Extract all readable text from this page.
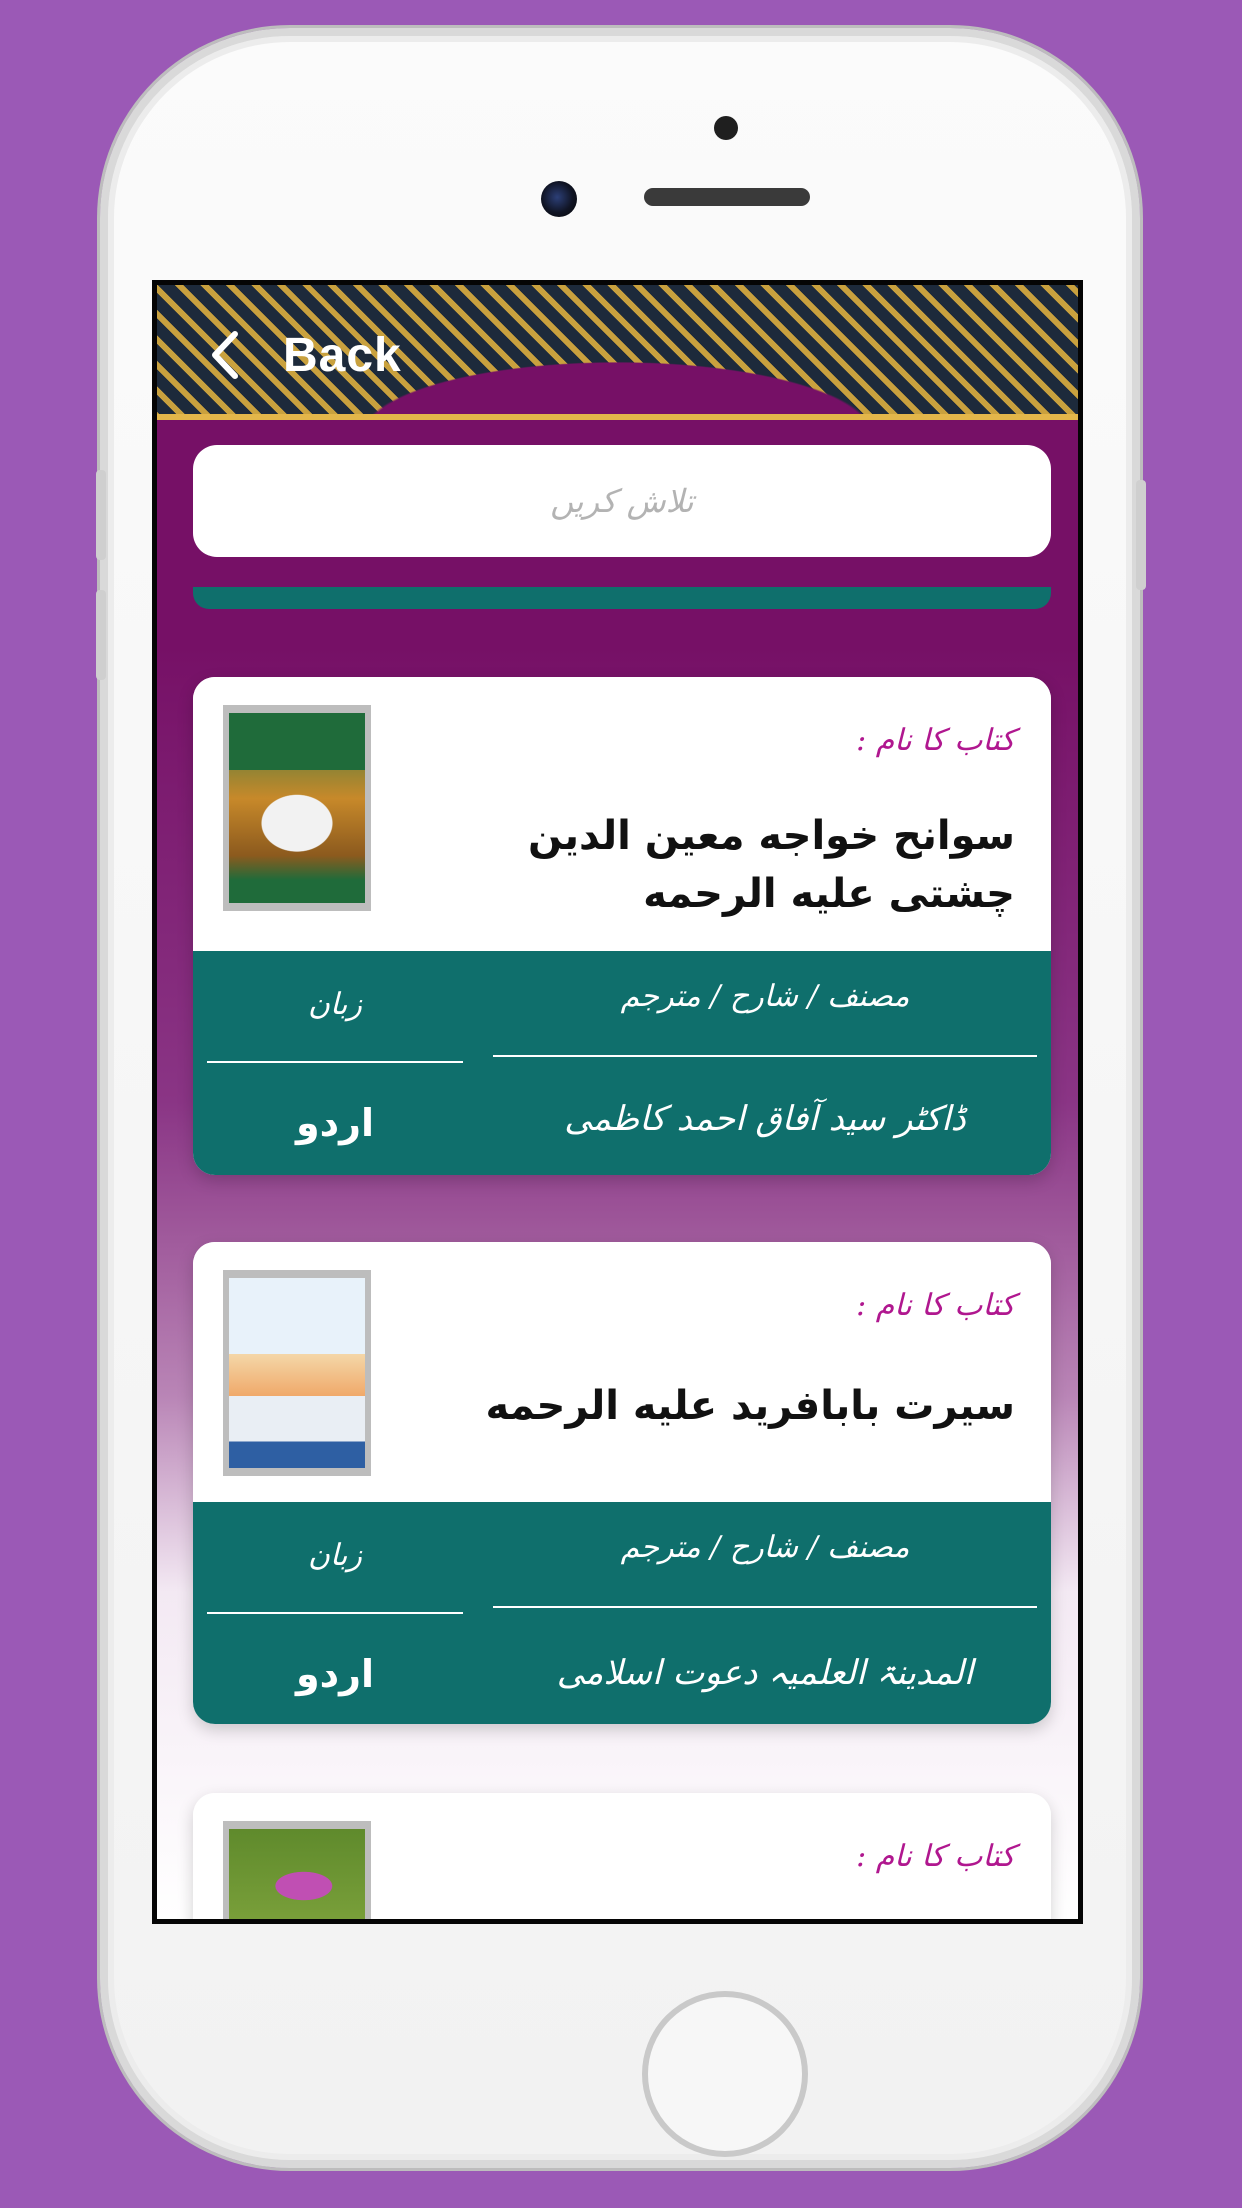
Back
تلاش کریں
کتاب کا نام :
سوانح خواجه معین الدین چشتی علیه الرحمه
مصنف / شارح / مترجم
ڈاکٹر سید آفاق احمد کاظمی
زبان
اردو
کتاب کا نام :
سیرت بابافرید علیه الرحمه
مصنف / شارح / مترجم
المدینۃ العلمیہ دعوت اسلامی
زبان
اردو
کتاب کا نام :
